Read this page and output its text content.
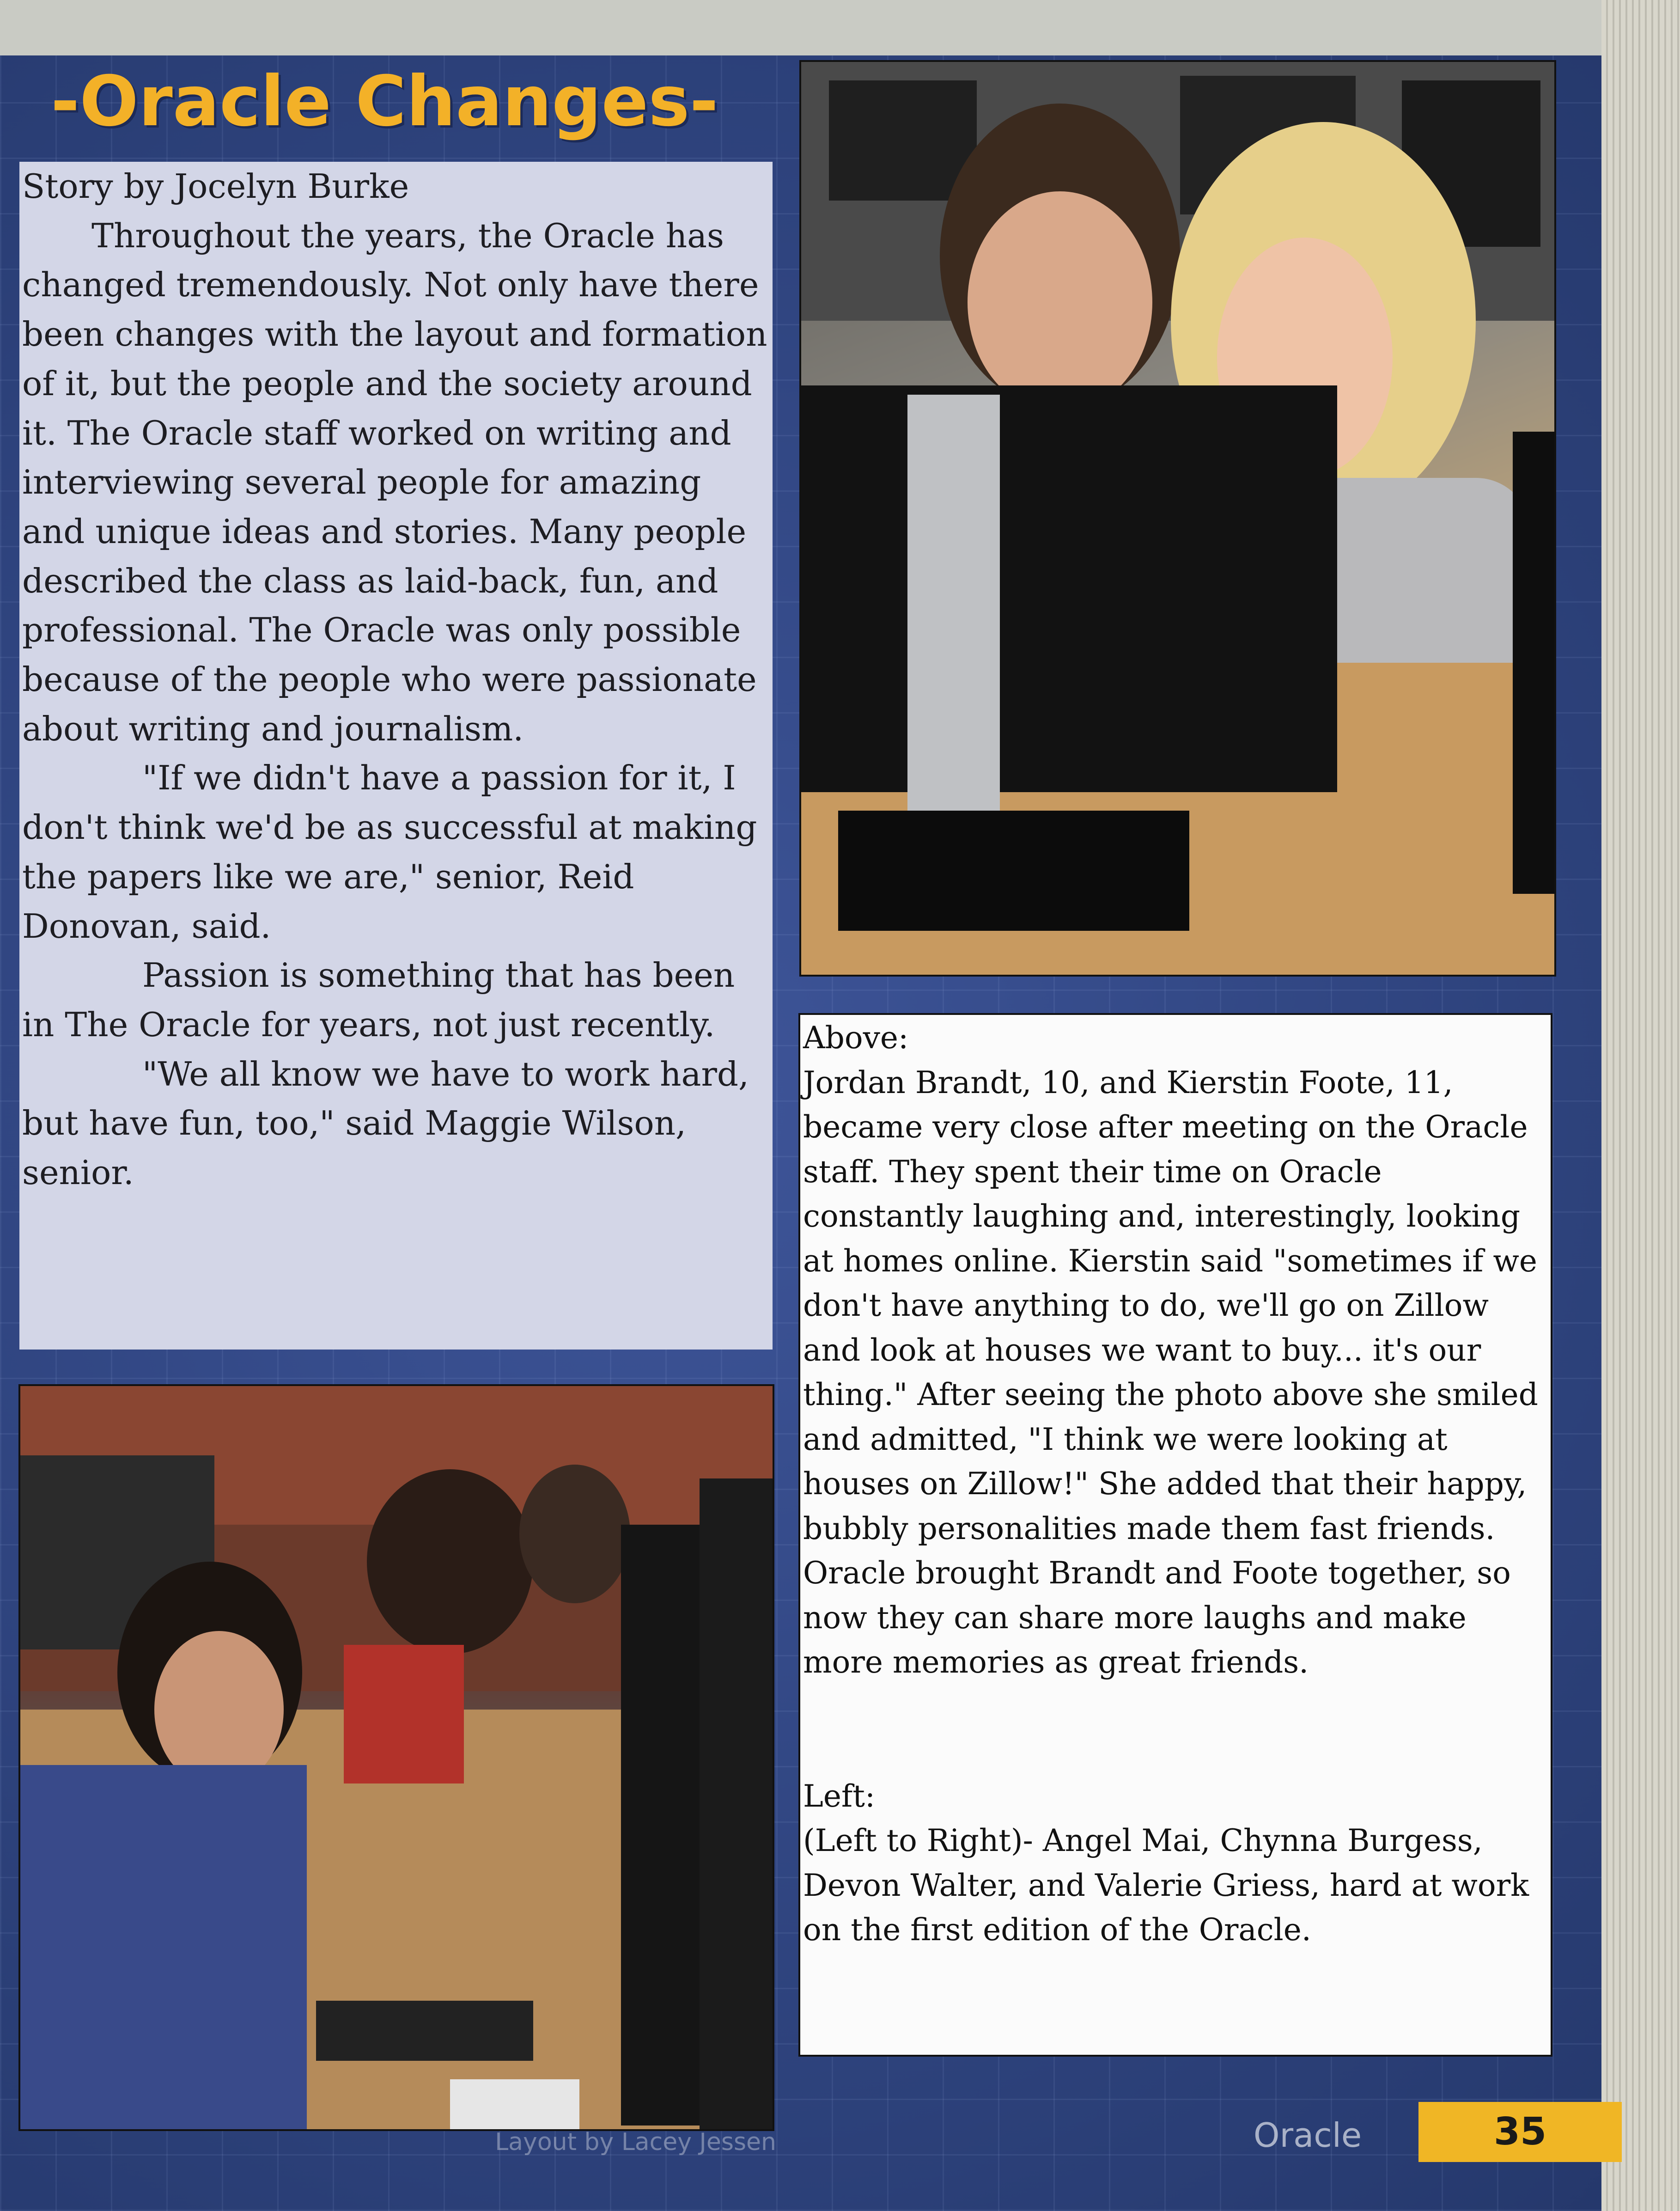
-Oracle Changes-

Story by Jocelyn Burke

Throughout the years, the Oracle has changed tremendously. Not only have there been changes with the layout and formation of it, but the people and the society around it. The Oracle staff worked on writing and interviewing several people for amazing and unique ideas and stories. Many people described the class as laid-back, fun, and professional. The Oracle was only possible because of the people who were passionate about writing and journalism.

"If we didn't have a passion for it, I don't think we'd be as successful at making the papers like we are," senior, Reid Donovan, said.

Passion is something that has been in The Oracle for years, not just recently.

"We all know we have to work hard, but have fun, too," said Maggie Wilson, senior.

Above:

Jordan Brandt, 10, and Kierstin Foote, 11, became very close after meeting on the Oracle staff. They spent their time on Oracle constantly laughing and, interestingly, looking at homes online. Kierstin said "sometimes if we don't have anything to do, we'll go on Zillow and look at houses we want to buy... it's our thing." After seeing the photo above she smiled and admitted, "I think we were looking at houses on Zillow!" She added that their happy, bubbly personalities made them fast friends. Oracle brought Brandt and Foote together, so now they can share more laughs and make more memories as great friends.

Left:

(Left to Right)- Angel Mai, Chynna Burgess, Devon Walter, and Valerie Griess, hard at work on the first edition of the Oracle.

Layout by Lacey Jessen	Oracle	35
